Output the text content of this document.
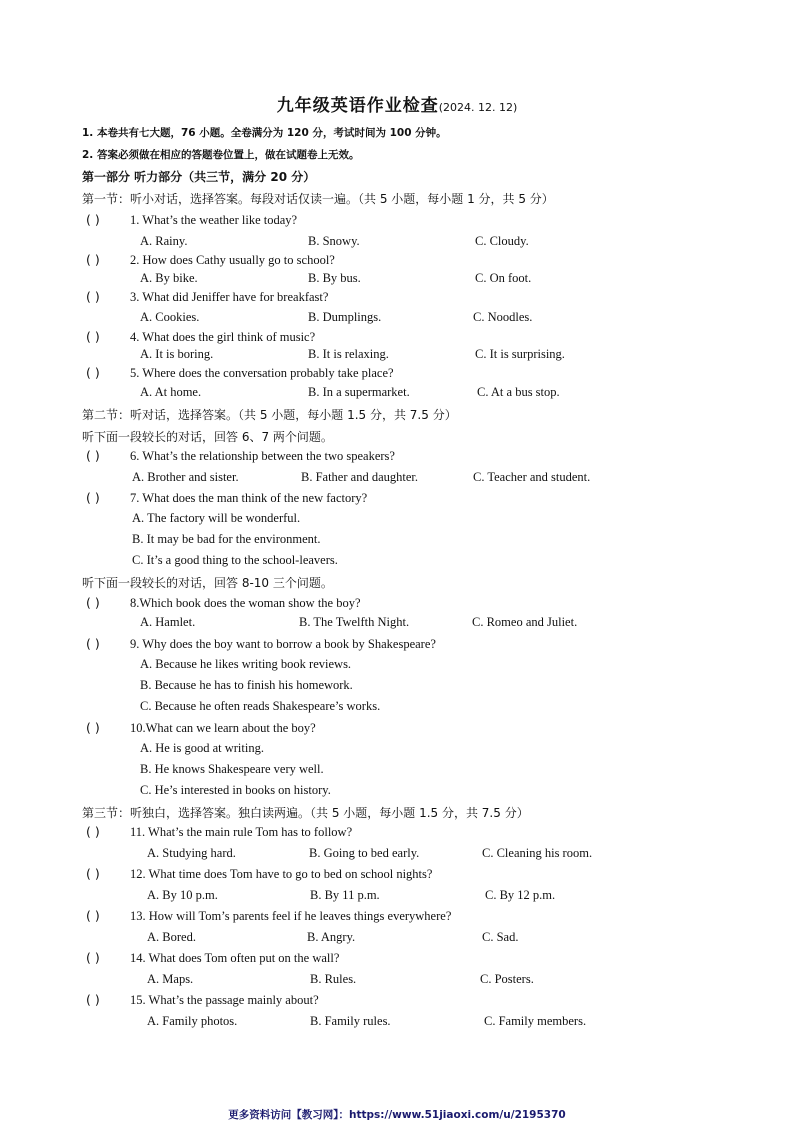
九年级英语作业检查(2024. 12. 12)
1. 本卷共有七大题，76 小题。全卷满分为 120 分，考试时间为 100 分钟。
2. 答案必须做在相应的答题卷位置上，做在试题卷上无效。
第一部分 听力部分（共三节，满分 20 分）
第一节：听小对话，选择答案。每段对话仅读一遍。（共 5 小题，每小题 1 分，共 5 分）
( ) 1. What’s the weather like today?
A. Rainy.	B. Snowy.	C. Cloudy.
( ) 2. How does Cathy usually go to school?
A. By bike.	B. By bus.	C. On foot.
( ) 3. What did Jeniffer have for breakfast?
A. Cookies.	B. Dumplings.	C. Noodles.
( ) 4. What does the girl think of music?
A. It is boring.	B. It is relaxing.	C. It is surprising.
( ) 5. Where does the conversation probably take place?
A. At home.	B. In a supermarket.	C. At a bus stop.
( ) 6. What’s the relationship between the two speakers?
A. Brother and sister.	B. Father and daughter.	C. Teacher and student.
( ) 7. What does the man think of the new factory?
A. The factory will be wonderful.
B. It may be bad for the environment.
C. It’s a good thing to the school-leavers.
( ) 8.Which book does the woman show the boy?
A. Hamlet.	B. The Twelfth Night.	C. Romeo and Juliet.
( ) 9. Why does the boy want to borrow a book by Shakespeare?
A. Because he likes writing book reviews.
B. Because he has to finish his homework.
C. Because he often reads Shakespeare’s works.
( ) 10.What can we learn about the boy?
A. He is good at writing.
B. He knows Shakespeare very well.
C. He’s interested in books on history.
( ) 11. What’s the main rule Tom has to follow?
A. Studying hard.	B. Going to bed early.	C. Cleaning his room.
( ) 12. What time does Tom have to go to bed on school nights?
A. By 10 p.m.	B. By 11 p.m.	C. By 12 p.m.
( ) 13. How will Tom’s parents feel if he leaves things everywhere?
A. Bored.	B. Angry.	C. Sad.
( ) 14. What does Tom often put on the wall?
A. Maps.	B. Rules.	C. Posters.
( ) 15. What’s the passage mainly about?
A. Family photos.	B. Family rules.	C. Family members.
第二节：听对话，选择答案。（共 5 小题，每小题 1.5 分，共 7.5 分）
听下面一段较长的对话，回答 6、7 两个问题。
听下面一段较长的对话，回答 8-10 三个问题。
第三节：听独白，选择答案。独白读两遍。（共 5 小题，每小题 1.5 分，共 7.5 分）
更多资料访问【教习网】：https://www.51jiaoxi.com/u/2195370
